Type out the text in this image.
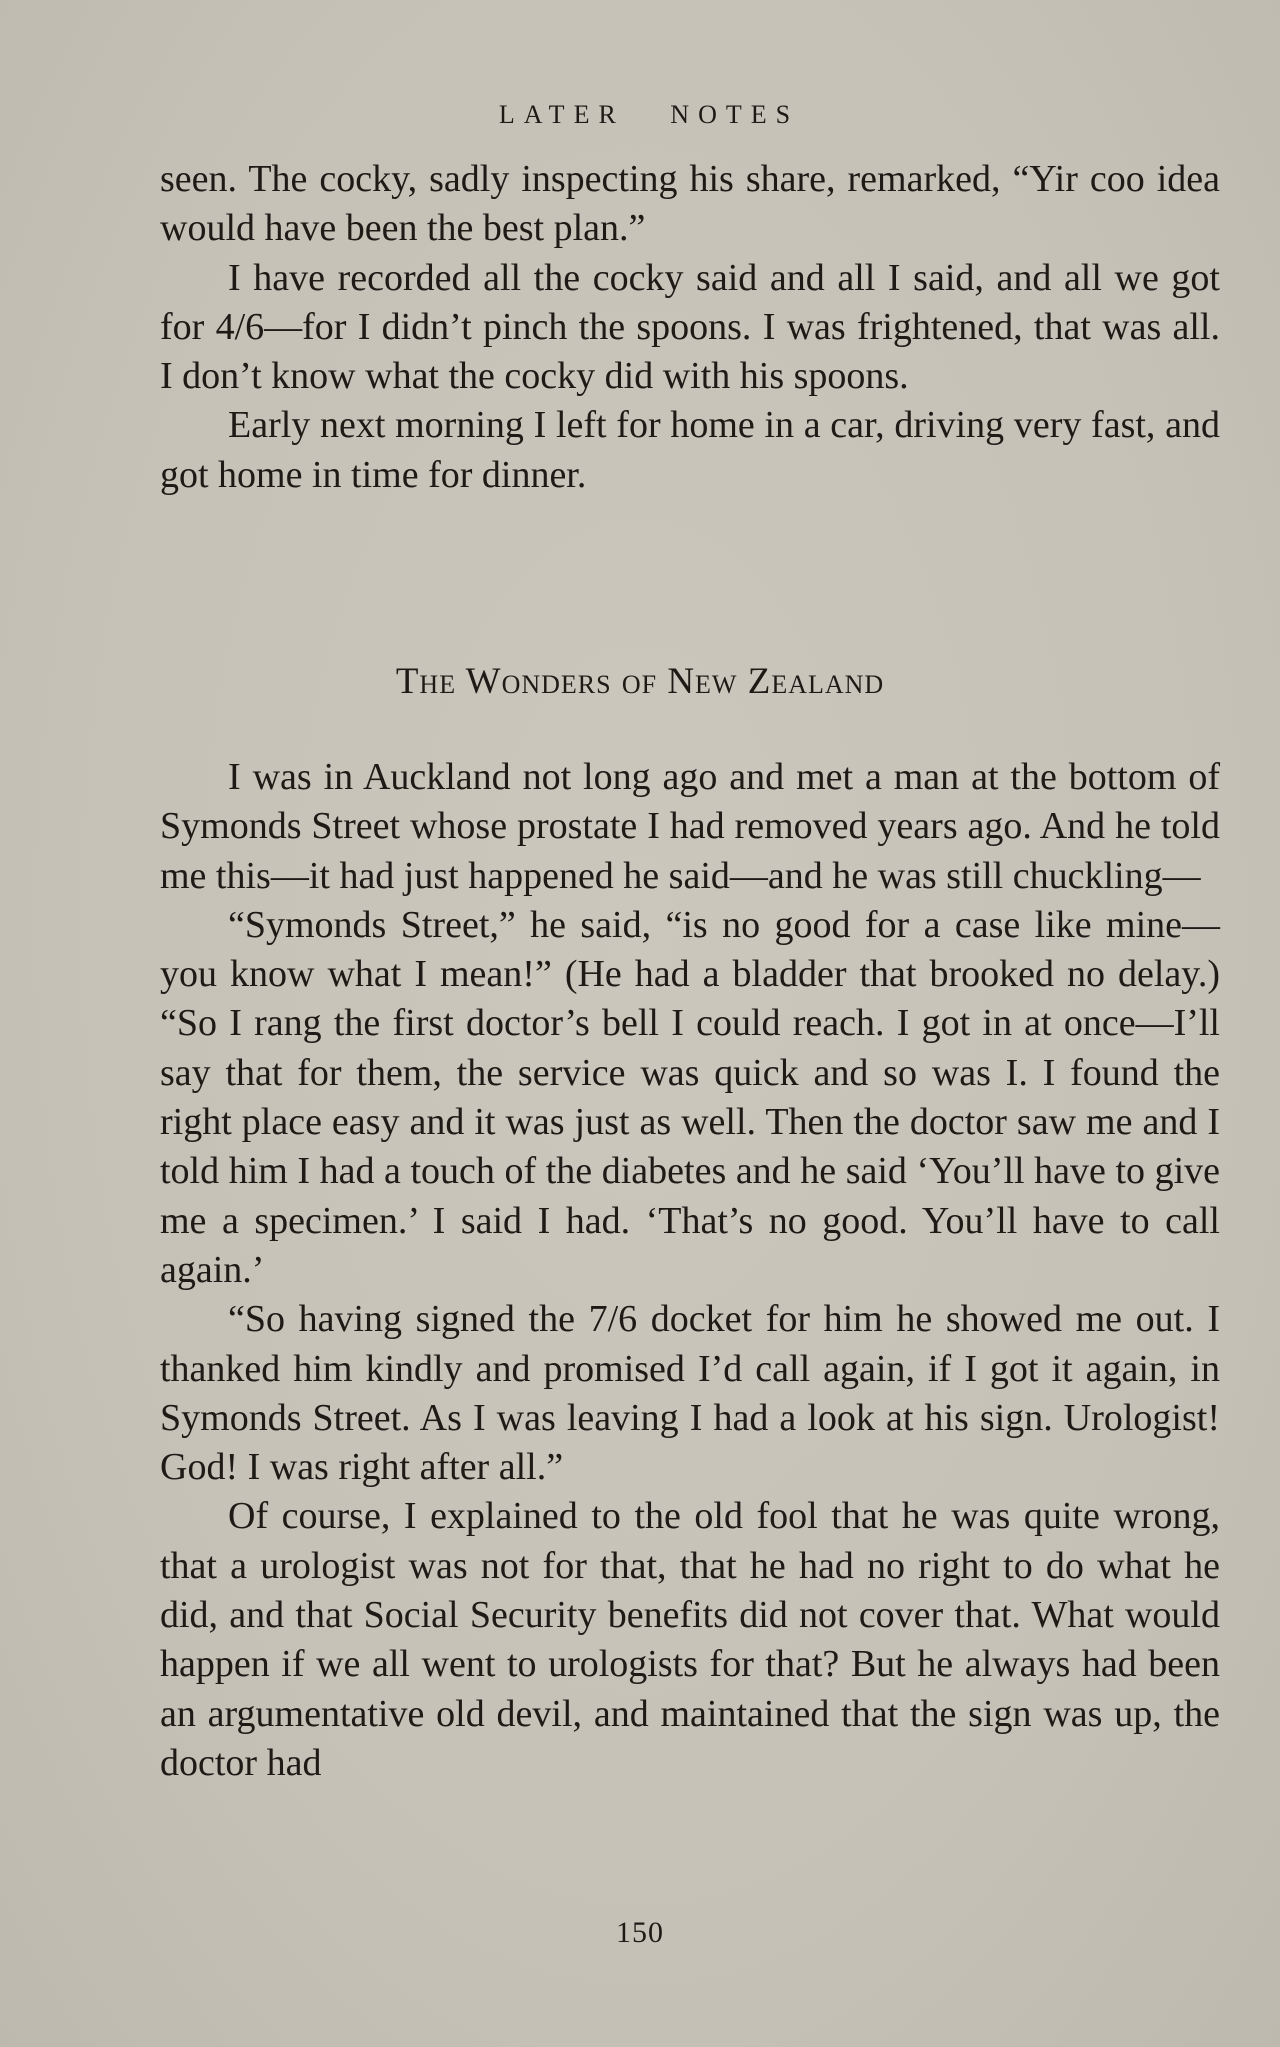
LATER NOTES

seen. The cocky, sadly inspecting his share, remarked, “Yir coo idea would have been the best plan.”

I have recorded all the cocky said and all I said, and all we got for 4/6—for I didn’t pinch the spoons. I was frightened, that was all. I don’t know what the cocky did with his spoons.

Early next morning I left for home in a car, driving very fast, and got home in time for dinner.

The Wonders of New Zealand

I was in Auckland not long ago and met a man at the bottom of Symonds Street whose prostate I had removed years ago. And he told me this—it had just happened he said—and he was still chuckling—

“Symonds Street,” he said, “is no good for a case like mine—you know what I mean!” (He had a bladder that brooked no delay.) “So I rang the first doctor’s bell I could reach. I got in at once—I’ll say that for them, the service was quick and so was I. I found the right place easy and it was just as well. Then the doctor saw me and I told him I had a touch of the diabetes and he said ‘You’ll have to give me a specimen.’ I said I had. ‘That’s no good. You’ll have to call again.’

“So having signed the 7/6 docket for him he showed me out. I thanked him kindly and promised I’d call again, if I got it again, in Symonds Street. As I was leaving I had a look at his sign. Urologist! God! I was right after all.”

Of course, I explained to the old fool that he was quite wrong, that a urologist was not for that, that he had no right to do what he did, and that Social Security benefits did not cover that. What would happen if we all went to urologists for that? But he always had been an argumentative old devil, and maintained that the sign was up, the doctor had

150
